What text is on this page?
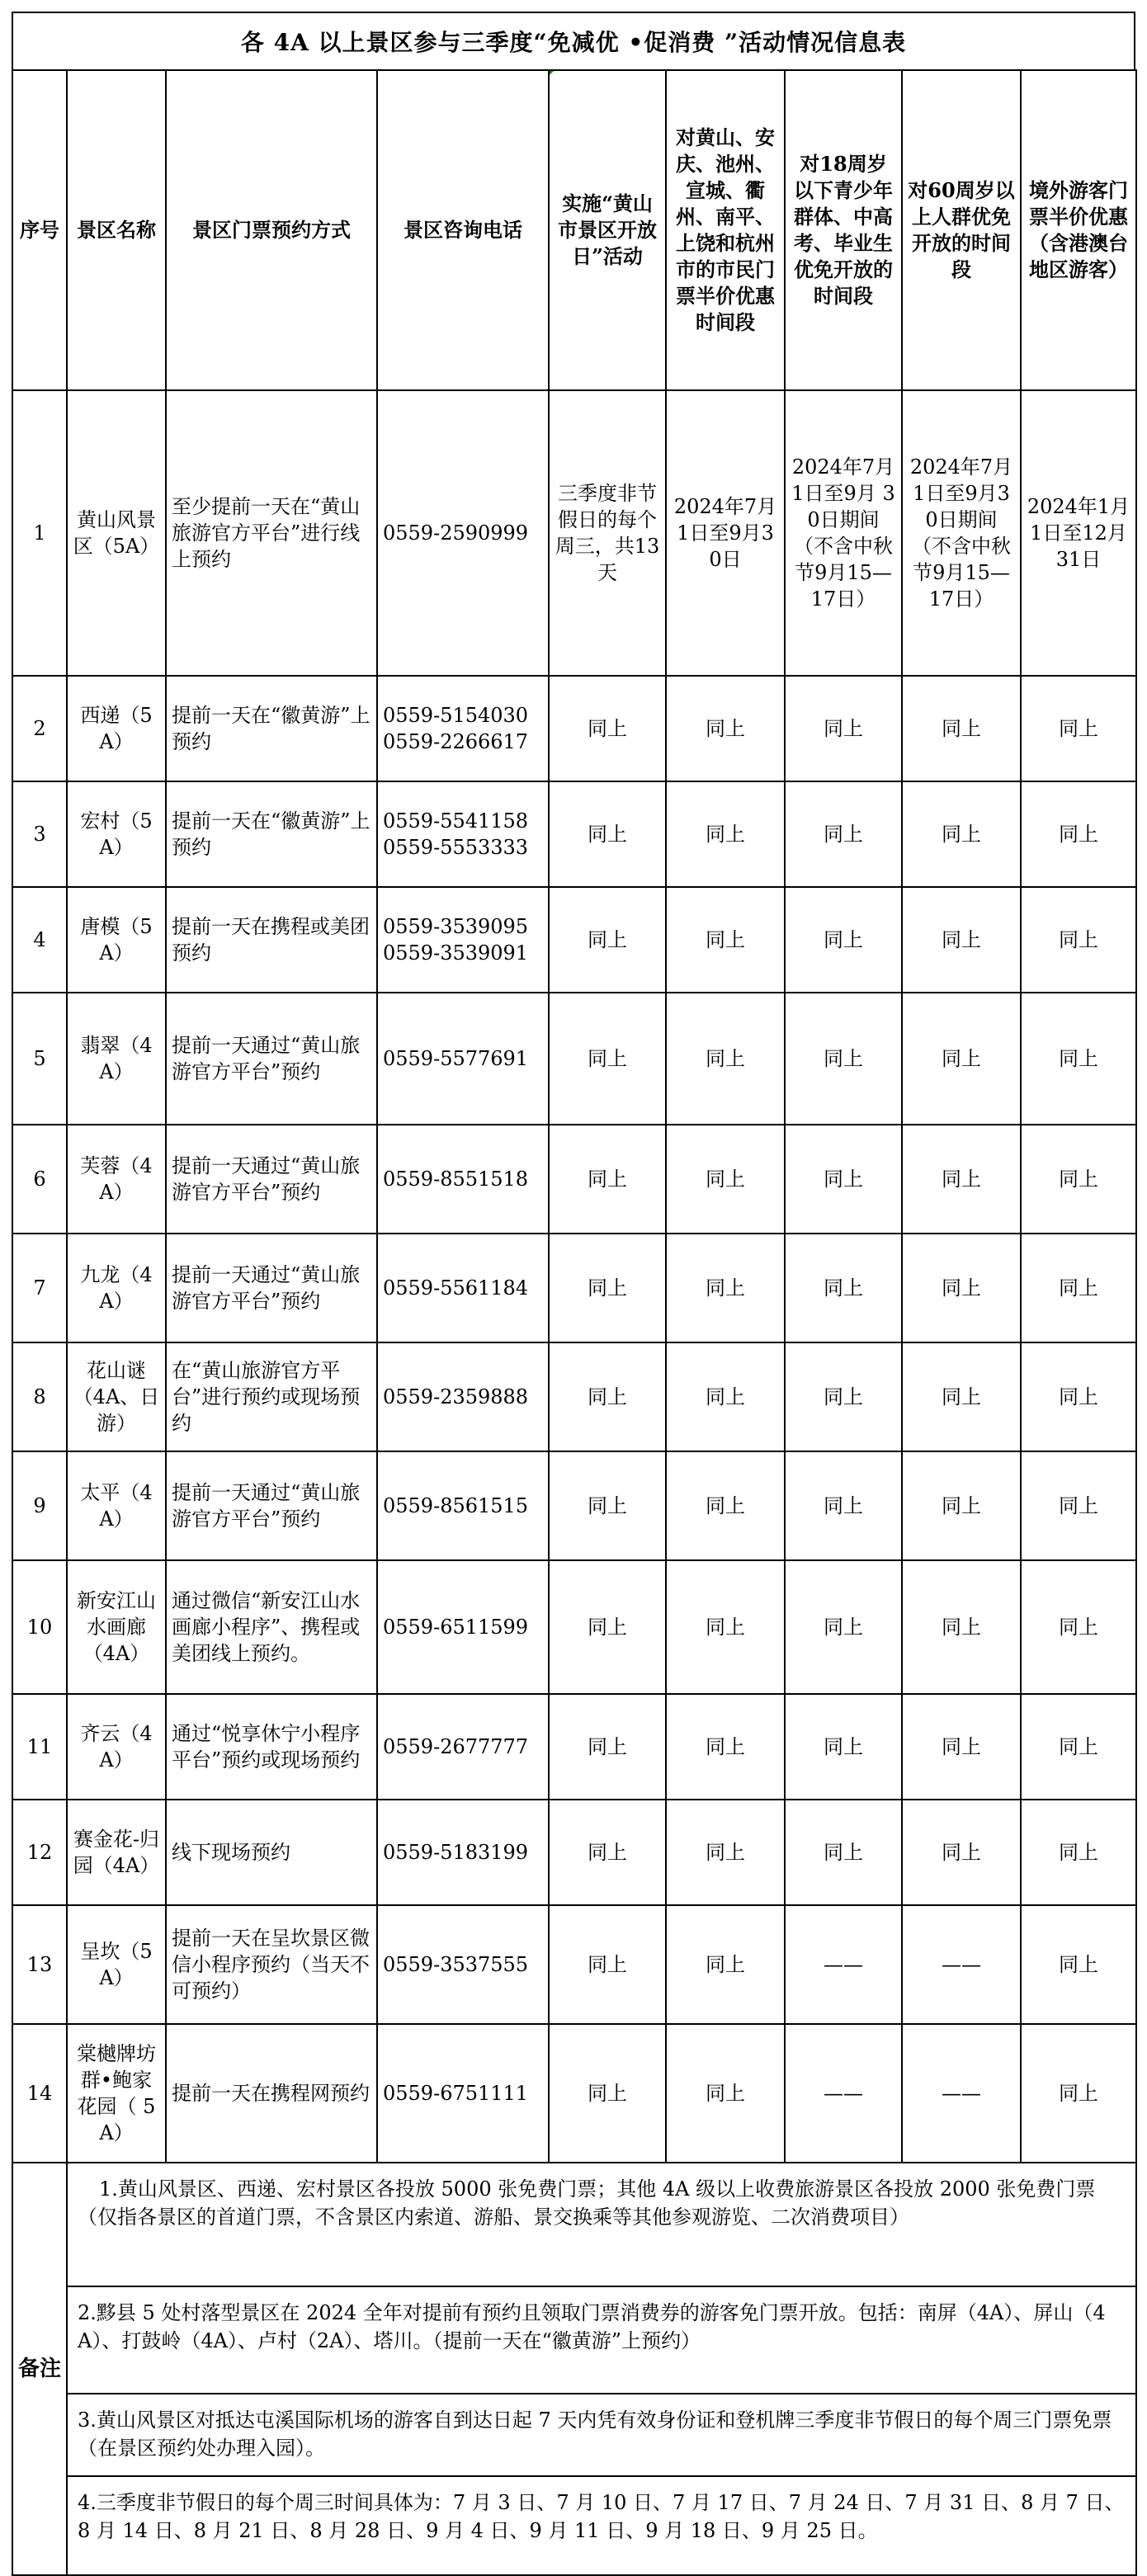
各 4A 以上景区参与三季度“免减优 •促消费 ”活动情况信息表
序号	景区名称	景区门票预约方式	景区咨询电话	实施“黄山市景区开放日”活动	对黄山、安庆、池州、宣城、衢州、南平、上饶和杭州市的市民门票半价优惠时间段	对18周岁以下青少年群体、中高考、毕业生优免开放的时间段	对60周岁以上人群优免开放的时间段	境外游客门票半价优惠（含港澳台地区游客）
1	黄山风景区（5A）	至少提前一天在“黄山旅游官方平台”进行线上预约	0559-2590999	三季度非节假日的每个周三，共13天	2024年7月1日至9月30日	2024年7月1日至9月 30日期间（不含中秋节9月15—17日）	2024年7月1日至9月30日期间（不含中秋节9月15—17日）	2024年1月1日至12月31日
2	西递（5A）	提前一天在“徽黄游”上预约	0559-5154030
0559-2266617	同上	同上	同上	同上	同上
3	宏村（5A）	提前一天在“徽黄游”上预约	0559-5541158
0559-5553333	同上	同上	同上	同上	同上
4	唐模（5A）	提前一天在携程或美团预约	0559-3539095
0559-3539091	同上	同上	同上	同上	同上
5	翡翠（4A）	提前一天通过“黄山旅游官方平台”预约	0559-5577691	同上	同上	同上	同上	同上
6	芙蓉（4A）	提前一天通过“黄山旅游官方平台”预约	0559-8551518	同上	同上	同上	同上	同上
7	九龙（4A）	提前一天通过“黄山旅游官方平台”预约	0559-5561184	同上	同上	同上	同上	同上
8	花山谜（4A、日游）	在“黄山旅游官方平台”进行预约或现场预约	0559-2359888	同上	同上	同上	同上	同上
9	太平（4A）	提前一天通过“黄山旅游官方平台”预约	0559-8561515	同上	同上	同上	同上	同上
10	新安江山水画廊（4A）	通过微信“新安江山水画廊小程序”、携程或美团线上预约。	0559-6511599	同上	同上	同上	同上	同上
11	齐云（4A）	通过“悦享休宁小程序平台”预约或现场预约	0559-2677777	同上	同上	同上	同上	同上
12	赛金花-归园（4A）	线下现场预约	0559-5183199	同上	同上	同上	同上	同上
13	呈坎（5A）	提前一天在呈坎景区微信小程序预约（当天不可预约）	0559-3537555	同上	同上	——	——	同上
14	棠樾牌坊群•鲍家花园（ 5A）	提前一天在携程网预约	0559-6751111	同上	同上	——	——	同上
备注	1.黄山风景区、西递、宏村景区各投放 5000 张免费门票；其他 4A 级以上收费旅游景区各投放 2000 张免费门票（仅指各景区的首道门票，不含景区内索道、游船、景交换乘等其他参观游览、二次消费项目）
2.黟县 5 处村落型景区在 2024 全年对提前有预约且领取门票消费券的游客免门票开放。包括：南屏（4A）、屏山（4A）、打鼓岭（4A）、卢村（2A）、塔川。（提前一天在“徽黄游”上预约）
3.黄山风景区对抵达屯溪国际机场的游客自到达日起 7 天内凭有效身份证和登机牌三季度非节假日的每个周三门票免票（在景区预约处办理入园）。
4.三季度非节假日的每个周三时间具体为：7 月 3 日、7 月 10 日、7 月 17 日、7 月 24 日、7 月 31 日、8 月 7 日、8 月 14 日、8 月 21 日、8 月 28 日、9 月 4 日、9 月 11 日、9 月 18 日、9 月 25 日。							
